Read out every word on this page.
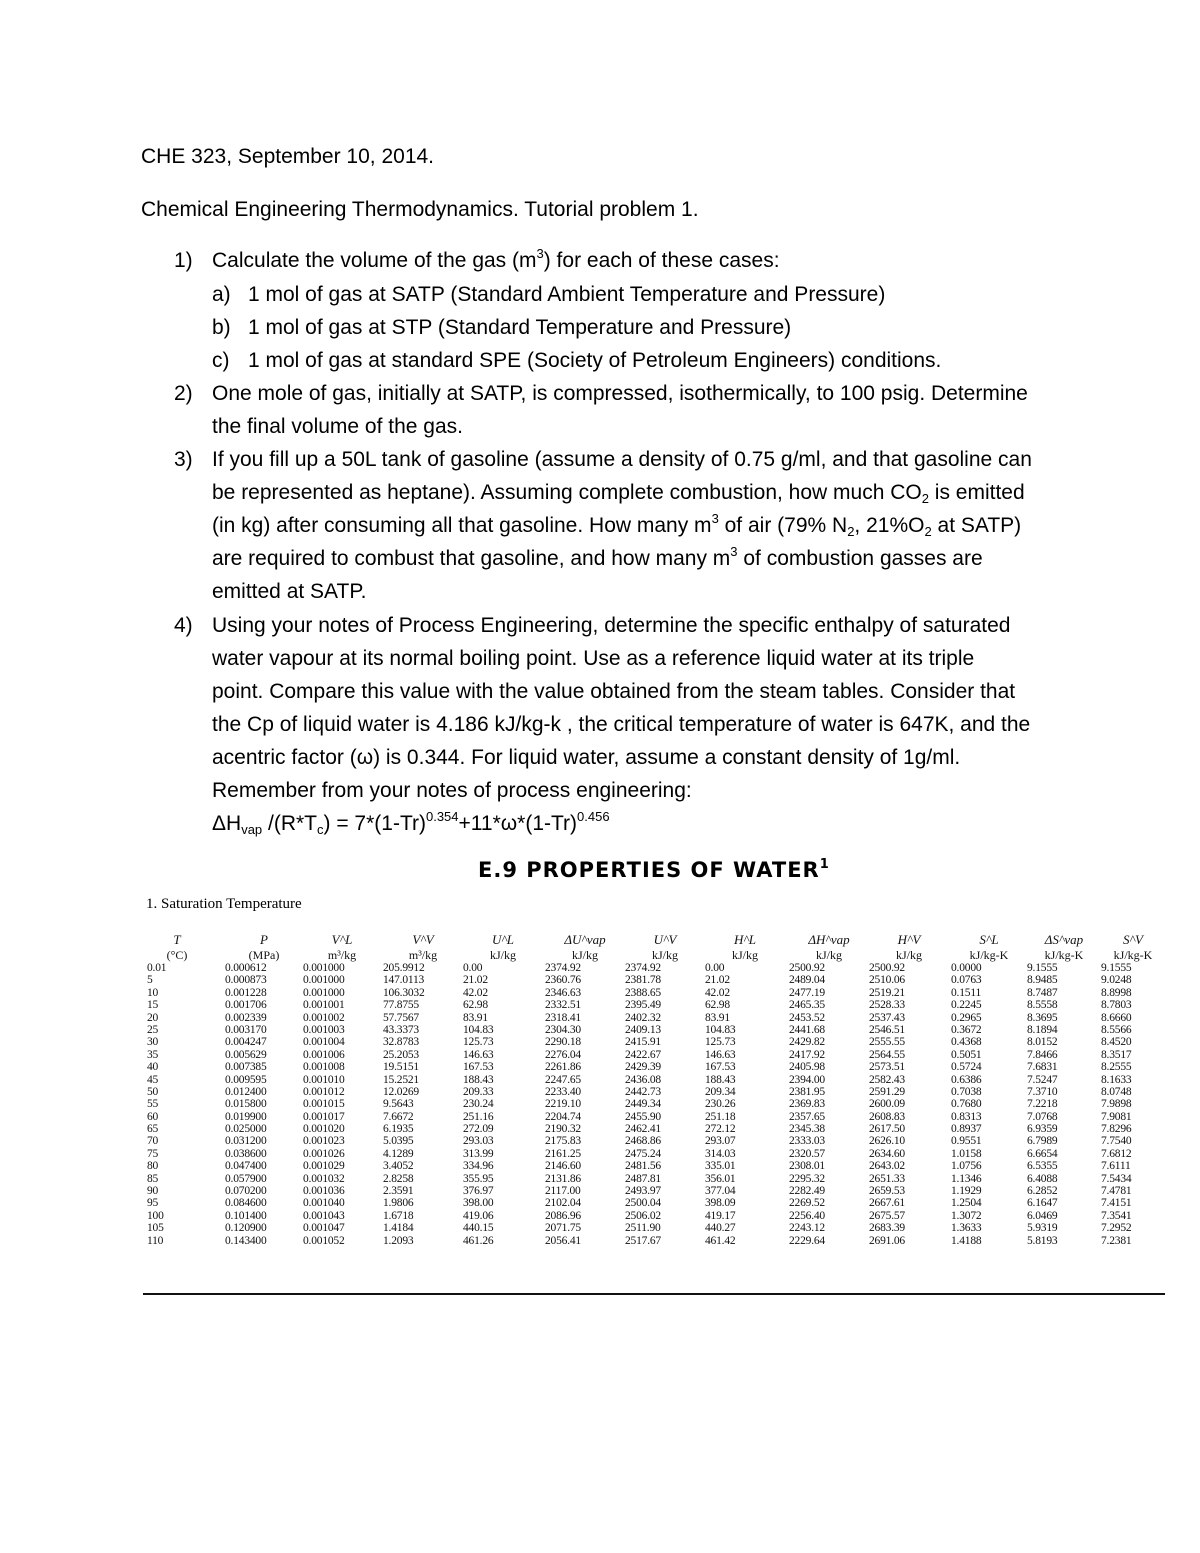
CHE 323, September 10, 2014.
Chemical Engineering Thermodynamics. Tutorial problem 1.
1) Calculate the volume of the gas $(m^3)$ for each of these cases:
a) 1 mol of gas at SATP (Standard Ambient Temperature and Pressure)
b) 1 mol of gas at STP (Standard Temperature and Pressure)
c) 1 mol of gas at standard SPE (Society of Petroleum Engineers) conditions.
2) One mole of gas, initially at SATP, is compressed, isothermically, to 100 psig. Determine
the final volume of the gas.
3) If you fill up a 50L tank of gasoline (assume a density of 0.75 g/ml, and that gasoline can
be represented as heptane). Assuming complete combustion, how much $CO_2$ is emitted
(in kg) after consuming all that gasoline. How many $m^3$ of air (79% $N_2$, $21\%O_2$ at SATP)
are required to combust that gasoline, and how many $m^3$ of combustion gasses are
emitted at SATP.
4) Using your notes of Process Engineering, determine the specific enthalpy of saturated
water vapour at its normal boiling point. Use as a reference liquid water at its triple
point. Compare this value with the value obtained from the steam tables. Consider that
the Cp of liquid water is 4.186 kJ/kg-k , the critical temperature of water is 647K, and the
acentric factor (ω) is 0.344. For liquid water, assume a constant density of 1g/ml.
Remember from your notes of process engineering:
$\Delta H_{vap}$ $/(R*T_c) = 7*(1-Tr)^{0.354}+11*\omega*(1-Tr)^{0.456}$
E.9 PROPERTIES OF WATER$^1$
1. Saturation Temperature
T
(°C)
0.01
5
10
15
20
25
30
35
40
45
50
55
60
65
70
75
80
85
90
95
100
105
110
P
(MPa)
0.000612
0.000873
0.001228
0.001706
0.002339
0.003170
0.004247
0.005629
0.007385
0.009595
0.012400
0.015800
0.019900
0.025000
0.031200
0.038600
0.047400
0.057900
0.070200
0.084600
0.101400
0.120900
0.143400
V^L
m³/kg
0.001000
0.001000
0.001000
0.001001
0.001002
0.001003
0.001004
0.001006
0.001008
0.001010
0.001012
0.001015
0.001017
0.001020
0.001023
0.001026
0.001029
0.001032
0.001036
0.001040
0.001043
0.001047
0.001052
V^V
m³/kg
205.9912
147.0113
106.3032
77.8755
57.7567
43.3373
32.8783
25.2053
19.5151
15.2521
12.0269
9.5643
7.6672
6.1935
5.0395
4.1289
3.4052
2.8258
2.3591
1.9806
1.6718
1.4184
1.2093
U^L
kJ/kg
0.00
21.02
42.02
62.98
83.91
104.83
125.73
146.63
167.53
188.43
209.33
230.24
251.16
272.09
293.03
313.99
334.96
355.95
376.97
398.00
419.06
440.15
461.26
ΔU^vap
kJ/kg
2374.92
2360.76
2346.63
2332.51
2318.41
2304.30
2290.18
2276.04
2261.86
2247.65
2233.40
2219.10
2204.74
2190.32
2175.83
2161.25
2146.60
2131.86
2117.00
2102.04
2086.96
2071.75
2056.41
U^V
kJ/kg
2374.92
2381.78
2388.65
2395.49
2402.32
2409.13
2415.91
2422.67
2429.39
2436.08
2442.73
2449.34
2455.90
2462.41
2468.86
2475.24
2481.56
2487.81
2493.97
2500.04
2506.02
2511.90
2517.67
H^L
kJ/kg
0.00
21.02
42.02
62.98
83.91
104.83
125.73
146.63
167.53
188.43
209.34
230.26
251.18
272.12
293.07
314.03
335.01
356.01
377.04
398.09
419.17
440.27
461.42
ΔH^vap
kJ/kg
2500.92
2489.04
2477.19
2465.35
2453.52
2441.68
2429.82
2417.92
2405.98
2394.00
2381.95
2369.83
2357.65
2345.38
2333.03
2320.57
2308.01
2295.32
2282.49
2269.52
2256.40
2243.12
2229.64
H^V
kJ/kg
2500.92
2510.06
2519.21
2528.33
2537.43
2546.51
2555.55
2564.55
2573.51
2582.43
2591.29
2600.09
2608.83
2617.50
2626.10
2634.60
2643.02
2651.33
2659.53
2667.61
2675.57
2683.39
2691.06
S^L
kJ/kg-K
0.0000
0.0763
0.1511
0.2245
0.2965
0.3672
0.4368
0.5051
0.5724
0.6386
0.7038
0.7680
0.8313
0.8937
0.9551
1.0158
1.0756
1.1346
1.1929
1.2504
1.3072
1.3633
1.4188
ΔS^vap
kJ/kg-K
9.1555
8.9485
8.7487
8.5558
8.3695
8.1894
8.0152
7.8466
7.6831
7.5247
7.3710
7.2218
7.0768
6.9359
6.7989
6.6654
6.5355
6.4088
6.2852
6.1647
6.0469
5.9319
5.8193
S^V
kJ/kg-K
9.1555
9.0248
8.8998
8.7803
8.6660
8.5566
8.4520
8.3517
8.2555
8.1633
8.0748
7.9898
7.9081
7.8296
7.7540
7.6812
7.6111
7.5434
7.4781
7.4151
7.3541
7.2952
7.2381
